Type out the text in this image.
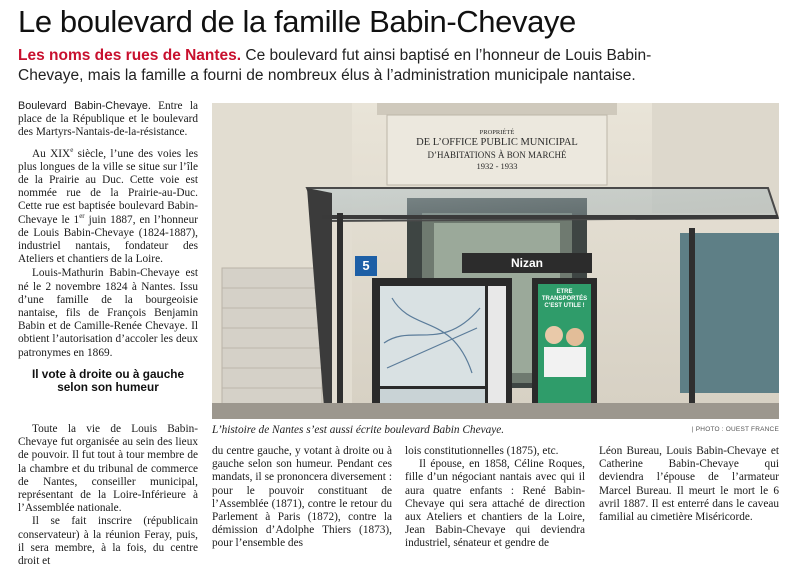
Le boulevard de la famille Babin-Chevaye

Les noms des rues de Nantes. Ce boulevard fut ainsi baptisé en l’honneur de Louis Babin-Chevaye, mais la famille a fourni de nombreux élus à l’administration municipale nantaise.

Boulevard Babin-Chevaye. Entre la place de la République et le boulevard des Martyrs-Nantais-de-la-résistance.

Au XIXe siècle, l’une des voies les plus longues de la ville se situe sur l’île de la Prairie au Duc. Cette voie est nommée rue de la Prairie-au-Duc. Cette rue est baptisée boulevard Babin-Chevaye le 1er juin 1887, en l’honneur de Louis Babin-Chevaye (1824-1887), industriel nantais, fondateur des Ateliers et chantiers de la Loire.

Louis-Mathurin Babin-Chevaye est né le 2 novembre 1824 à Nantes. Issu d’une famille de la bourgeoisie nantaise, fils de François Benjamin Babin et de Camille-Renée Chevaye. Il obtient l’autorisation d’accoler les deux patronymes en 1869.

Il vote à droite ou à gauche selon son humeur

Toute la vie de Louis Babin-Chevaye fut organisée au sein des lieux de pouvoir. Il fut tout à tour membre de la chambre et du tribunal de commerce de Nantes, conseiller municipal, représentant de la Loire-Inférieure à l’Assemblée nationale.

Il se fait inscrire (républicain conservateur) à la réunion Feray, puis, il sera membre, à la fois, du centre droit et

du centre gauche, y votant à droite ou à gauche selon son humeur. Pendant ces mandats, il se prononcera diversement : pour le pouvoir constituant de l’Assemblée (1871), contre le retour du Parlement à Paris (1872), contre la démission d’Adolphe Thiers (1873), pour l’ensemble des

lois constitutionnelles (1875), etc.

Il épouse, en 1858, Céline Roques, fille d’un négociant nantais avec qui il aura quatre enfants : René Babin-Chevaye qui sera attaché de direction aux Ateliers et chantiers de la Loire, Jean Babin-Chevaye qui deviendra industriel, sénateur et gendre de

Léon Bureau, Louis Babin-Chevaye et Catherine Babin-Chevaye qui deviendra l’épouse de l’armateur Marcel Bureau. Il meurt le mort le 6 avril 1887. Il est enterré dans le caveau familial au cimetière Miséricorde.

PROPRIÉTÉ
DE L’OFFICE PUBLIC MUNICIPAL
D’HABITATIONS À BON MARCHÉ
1932 - 1933
5	Nizan
ETRE TRANSPORTÉS C’EST UTILE !
L’histoire de Nantes s’est aussi écrite boulevard Babin Chevaye.	| PHOTO : OUEST FRANCE
